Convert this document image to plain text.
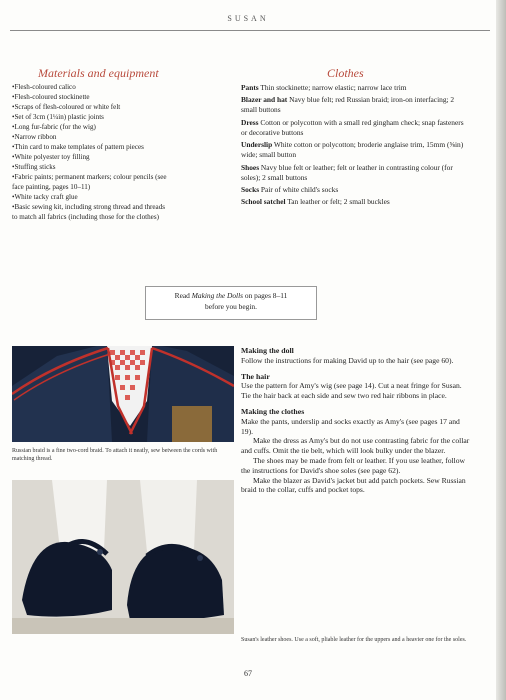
SUSAN
Materials and equipment
•Flesh-coloured calico
•Flesh-coloured stockinette
•Scraps of flesh-coloured or white felt
•Set of 3cm (1¼in) plastic joints
•Long fur-fabric (for the wig)
•Narrow ribbon
•Thin card to make templates of pattern pieces
•White polyester toy filling
•Stuffing sticks
•Fabric paints; permanent markers; colour pencils (see
face painting, pages 10–11)
•White tacky craft glue
•Basic sewing kit, including strong thread and threads
to match all fabrics (including those for the clothes)
Clothes

Pants Thin stockinette; narrow elastic; narrow lace trim

Blazer and hat Navy blue felt; red Russian braid; iron-on interfacing; 2 small buttons

Dress Cotton or polycotton with a small red gingham check; snap fasteners or decorative buttons

Underslip White cotton or polycotton; broderie anglaise trim, 15mm (⅝in) wide; small button

Shoes Navy blue felt or leather; felt or leather in contrasting colour (for soles); 2 small buttons

Socks Pair of white child's socks

School satchel Tan leather or felt; 2 small buckles

Read Making the Dolls on pages 8–11
before you begin.
Russian braid is a fine two-cord braid. To attach it neatly, sew between the cords with matching thread.
Susan's leather shoes. Use a soft, pliable leather for the uppers and a heavier one for the soles.
Making the doll

Follow the instructions for making David up to the hair (see page 60).

The hair

Use the pattern for Amy's wig (see page 14). Cut a neat fringe for Susan. Tie the hair back at each side and sew two red hair ribbons in place.

Making the clothes

Make the pants, underslip and socks exactly as Amy's (see pages 17 and 19).

Make the dress as Amy's but do not use contrasting fabric for the collar and cuffs. Omit the tie belt, which will look bulky under the blazer.

The shoes may be made from felt or leather. If you use leather, follow the instructions for David's shoe soles (see page 62).

Make the blazer as David's jacket but add patch pockets. Sew Russian braid to the collar, cuffs and pocket tops.

67
